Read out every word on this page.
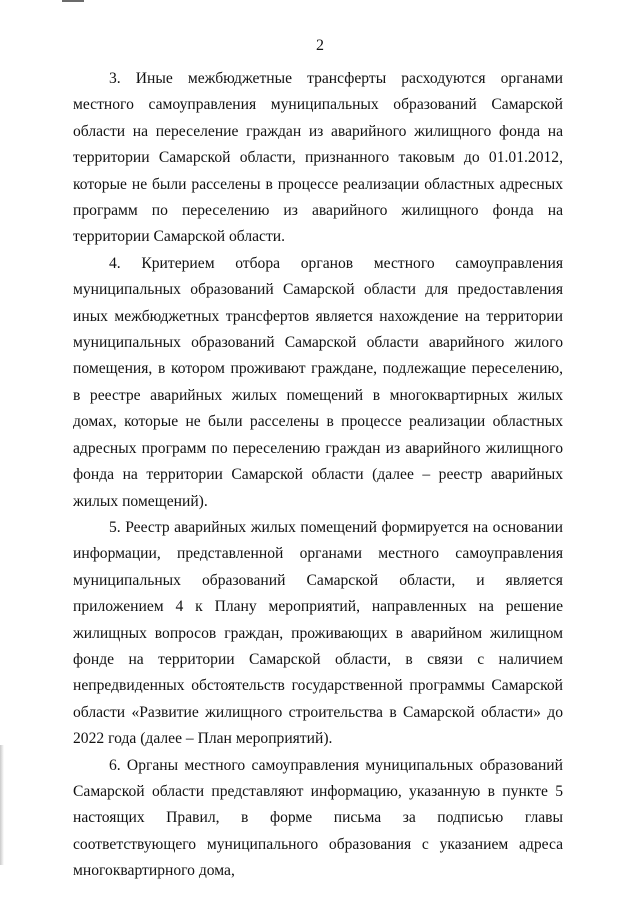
2

3. Иные межбюджетные трансферты расходуются органами местного самоуправления муниципальных образований Самарской области на переселение граждан из аварийного жилищного фонда на территории Самарской области, признанного таковым до 01.01.2012, которые не были расселены в процессе реализации областных адресных программ по переселению из аварийного жилищного фонда на территории Самарской области.

4. Критерием отбора органов местного самоуправления муниципальных образований Самарской области для предоставления иных межбюджетных трансфертов является нахождение на территории муниципальных образований Самарской области аварийного жилого помещения, в котором проживают граждане, подлежащие переселению, в реестре аварийных жилых помещений в многоквартирных жилых домах, которые не были расселены в процессе реализации областных адресных программ по переселению граждан из аварийного жилищного фонда на территории Самарской области (далее – реестр аварийных жилых помещений).

5. Реестр аварийных жилых помещений формируется на основании информации, представленной органами местного самоуправления муниципальных образований Самарской области, и является приложением 4 к Плану мероприятий, направленных на решение жилищных вопросов граждан, проживающих в аварийном жилищном фонде на территории Самарской области, в связи с наличием непредвиденных обстоятельств государственной программы Самарской области «Развитие жилищного строительства в Самарской области» до 2022 года (далее – План мероприятий).

6. Органы местного самоуправления муниципальных образований Самарской области представляют информацию, указанную в пункте 5 настоящих Правил, в форме письма за подписью главы соответствующего муниципального образования с указанием адреса многоквартирного дома,
